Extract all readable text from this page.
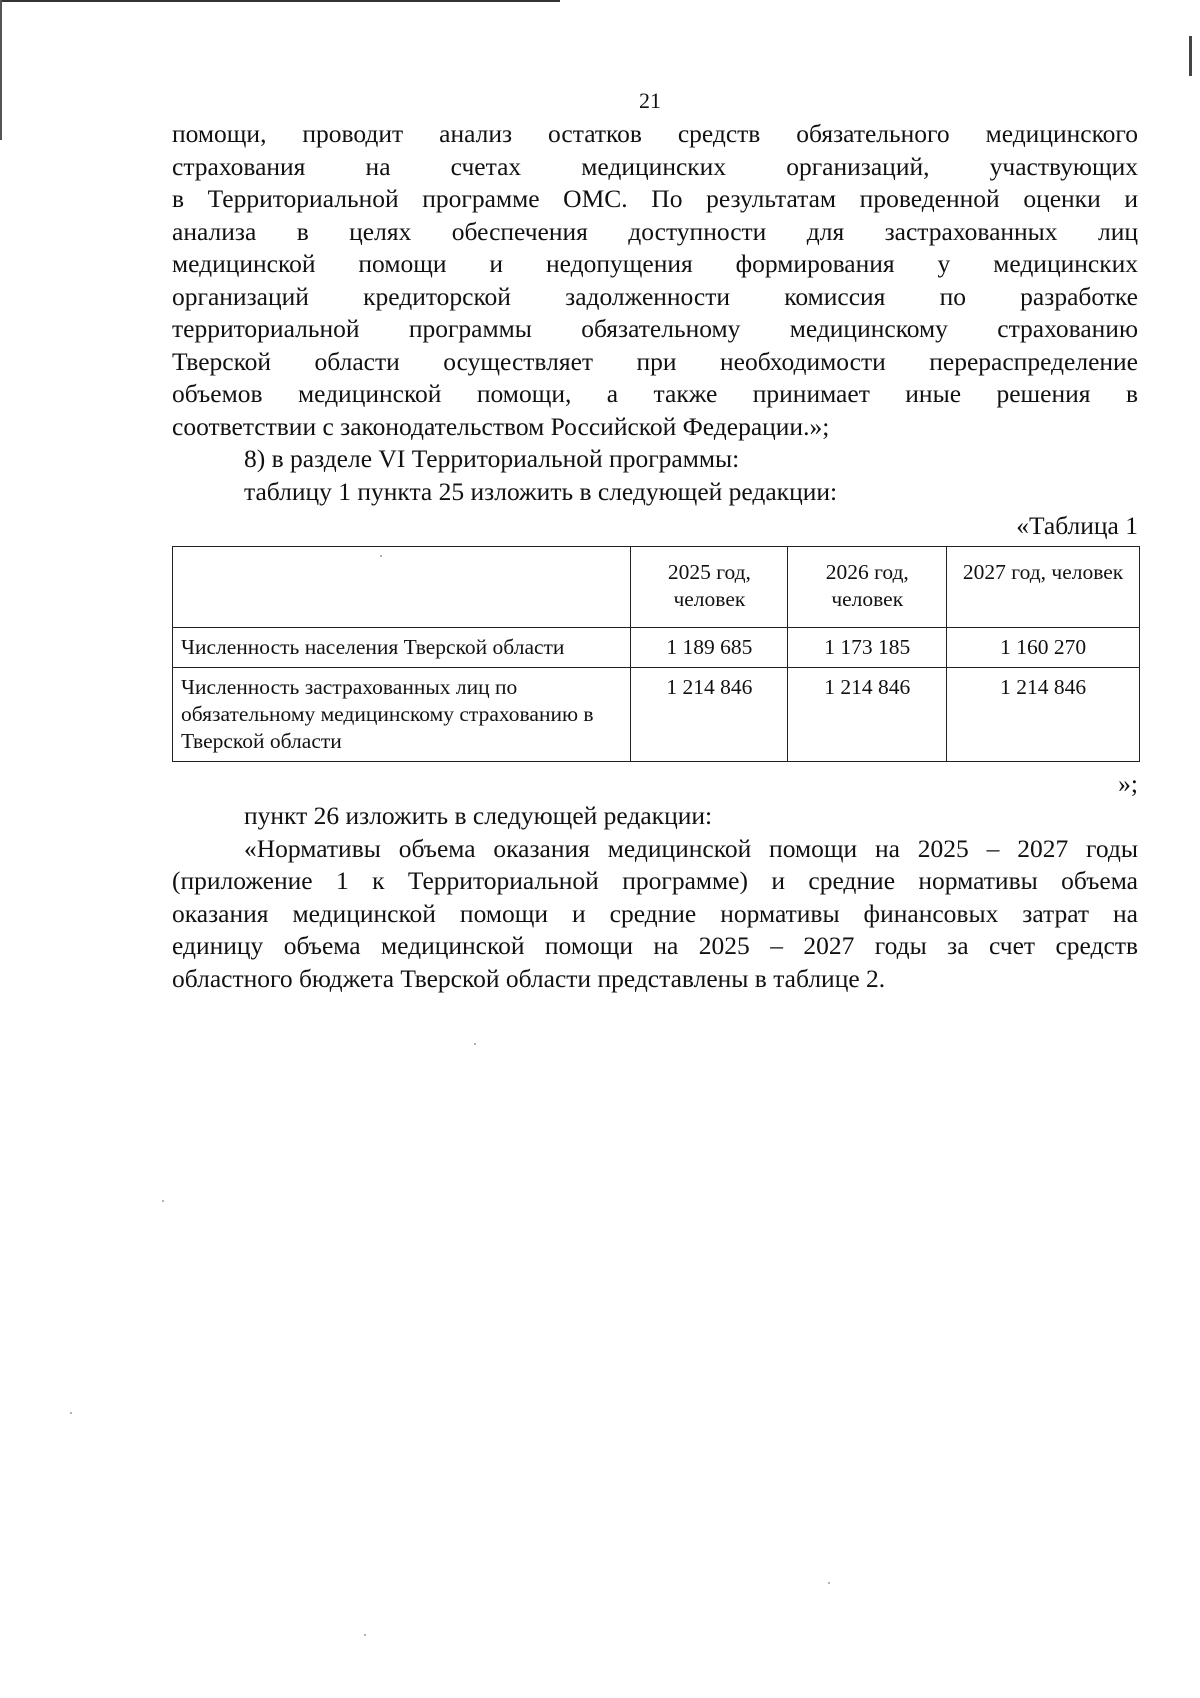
21

помощи, проводит анализ остатков средств обязательного медицинского
страхования на счетах медицинских организаций, участвующих
в Территориальной программе ОМС. По результатам проведенной оценки и
анализа в целях обеспечения доступности для застрахованных лиц
медицинской помощи и недопущения формирования у медицинских
организаций кредиторской задолженности комиссия по разработке
территориальной программы обязательному медицинскому страхованию
Тверской области осуществляет при необходимости перераспределение
объемов медицинской помощи, а также принимает иные решения в
соответствии с законодательством Российской Федерации.»;

8) в разделе VI Территориальной программы:

таблицу 1 пункта 25 изложить в следующей редакции:

«Таблица 1

	2025 год, человек	2026 год, человек	2027 год, человек
Численность населения Тверской области	1 189 685	1 173 185	1 160 270
Численность застрахованных лиц по обязательному медицинскому страхованию в Тверской области	1 214 846	1 214 846	1 214 846

»;

пункт 26 изложить в следующей редакции:

«Нормативы объема оказания медицинской помощи на 2025 – 2027 годы
(приложение 1 к Территориальной программе) и средние нормативы объема
оказания медицинской помощи и средние нормативы финансовых затрат на
единицу объема медицинской помощи на 2025 – 2027 годы за счет средств
областного бюджета Тверской области представлены в таблице 2.
